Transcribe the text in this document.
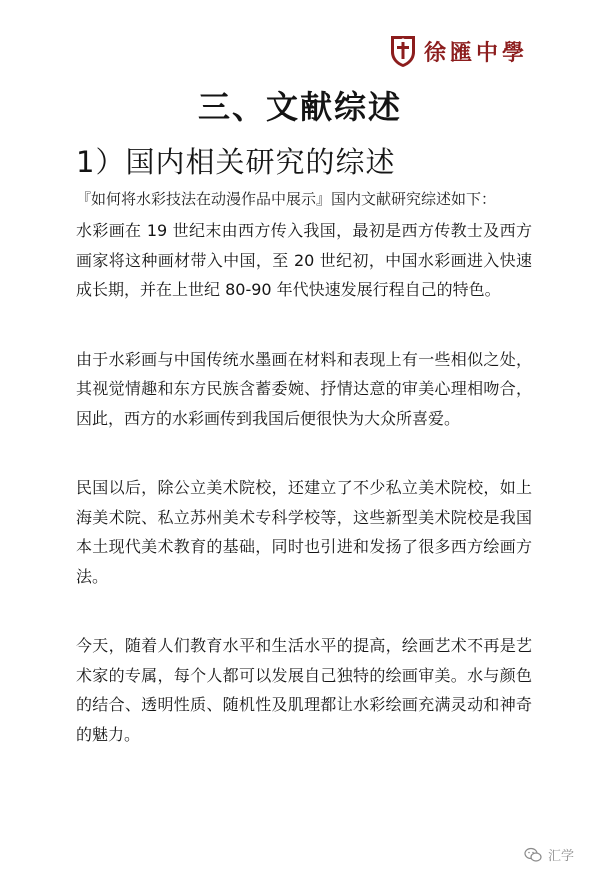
徐匯中學
三、文献综述
1）国内相关研究的综述

『如何将水彩技法在动漫作品中展示』国内文献研究综述如下：

水彩画在 19 世纪末由西方传入我国，最初是西方传教士及西方画家将这种画材带入中国，至 20 世纪初，中国水彩画进入快速成长期，并在上世纪 80-90 年代快速发展行程自己的特色。

由于水彩画与中国传统水墨画在材料和表现上有一些相似之处，其视觉情趣和东方民族含蓄委婉、抒情达意的审美心理相吻合，因此，西方的水彩画传到我国后便很快为大众所喜爱。

民国以后，除公立美术院校，还建立了不少私立美术院校，如上海美术院、私立苏州美术专科学校等，这些新型美术院校是我国本土现代美术教育的基础，同时也引进和发扬了很多西方绘画方法。

今天，随着人们教育水平和生活水平的提高，绘画艺术不再是艺术家的专属，每个人都可以发展自己独特的绘画审美。水与颜色的结合、透明性质、随机性及肌理都让水彩绘画充满灵动和神奇的魅力。

汇学
